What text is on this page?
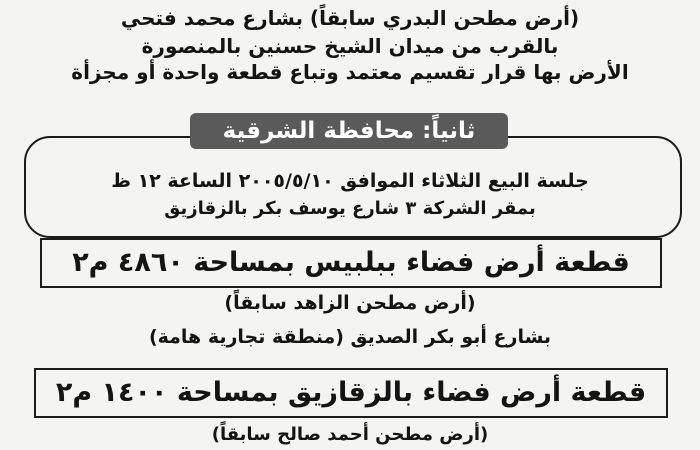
(أرض مطحن البدري سابقاً) بشارع محمد فتحي
بالقرب من ميدان الشيخ حسنين بالمنصورة
الأرض بها قرار تقسيم معتمد وتباع قطعة واحدة أو مجزأة
ثانياً: محافظة الشرقية
جلسة البيع الثلاثاء الموافق ٢٠٠٥/٥/١٠ الساعة ١٢ ظ
بمقر الشركة ٣ شارع يوسف بكر بالزقازيق
قطعة أرض فضاء ببلبيس بمساحة ٤٨٦٠ م٢
(أرض مطحن الزاهد سابقاً)
بشارع أبو بكر الصديق (منطقة تجارية هامة)
قطعة أرض فضاء بالزقازيق بمساحة ١٤٠٠ م٢
(أرض مطحن أحمد صالح سابقاً)
